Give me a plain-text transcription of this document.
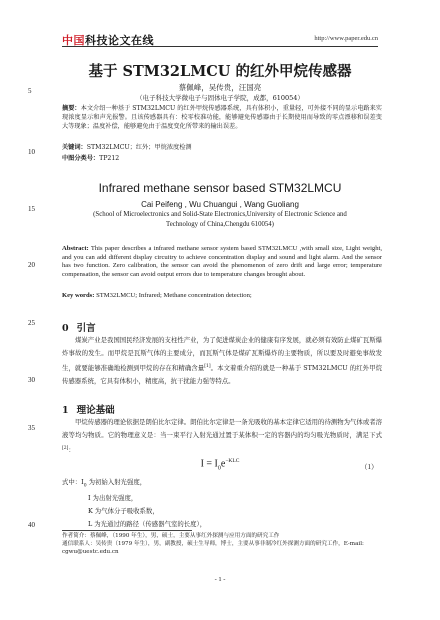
中国科技论文在线	http://www.paper.edu.cn
5
10
15
20
25
30
35
40
基于 STM32LMCU 的红外甲烷传感器
蔡佩峰，吴传贵，汪国亮
（电子科技大学微电子与固体电子学院，成都，610054）
摘要：本文介绍一种基于 STM32LMCU 的红外甲烷传感器系统，具有体积小，重量轻，可外接不同的显示电路来实现浓度显示和声光报警。且该传感器具有：校零校准功能，能够避免传感器由于长期使用而导致的零点漂移和误差变大等现象；温度补偿，能够避免由于温度变化所带来的输出误差。
关键词：STM32LMCU；红外；甲烷浓度检测
中图分类号：TP212
Infrared methane sensor based STM32LMCU
Cai Peifeng , Wu Chuangui , Wang Guoliang
(School of Microelectronics and Solid-State Electronics,University of Electronic Science and
Technology of China,Chengdu 610054)
Abstract: This paper describes a infrared methane sensor system based STM32LMCU ,with small size, Light weight, and you can add different display circuitry to achieve concentration display and sound and light alarm. And the sensor has two function. Zero calibration, the sensor can avoid the phenomenon of zero drift and large error; temperature compensation, the sensor can avoid output errors due to temperature changes brought about.
Key words: STM32LMCU; Infrared; Methane concentration detection;
0 引言
煤炭产业是我国国民经济发展的支柱性产业，为了促进煤炭企业的健康有序发展，就必须有效防止煤矿瓦斯爆炸事故的发生。而甲烷是瓦斯气体的主要成分，而瓦斯气体是煤矿瓦斯爆炸的主要物质，所以要及时避免事故发生，就要能够准确地检测到甲烷的存在和精确含量[1]。本文着重介绍的就是一种基于 STM32LMCU 的红外甲烷传感器系统，它具有体积小，精度高，抗干扰能力强等特点。
1 理论基础
甲烷传感器的理论依据是朗伯比尔定律。朗伯比尔定律是一条光吸收的基本定律它适用的待测物为气体或者溶液等均匀物质。它的物理意义是：当一束平行入射光通过置于某体积一定的容器内的均匀吸光物质时，满足下式[2]：
$I = I_0e^{-KLC}$
（1）
式中：$I_0$ 为初始入射光强度，
I 为出射光强度，
K 为气体分子吸收系数，
L 为光通过的路径（传感器气室的长度），
作者简介：蔡佩峰，（1990 年生），男，硕士，主要从事红外探测与应用方面的研究工作
通信联系人：吴传贵（1979 年生），男，副教授，硕士生导师，博士，主要从事非制冷红外探测方面的研究工作，E-mail: cgwu@uestc.edu.cn
- 1 -
